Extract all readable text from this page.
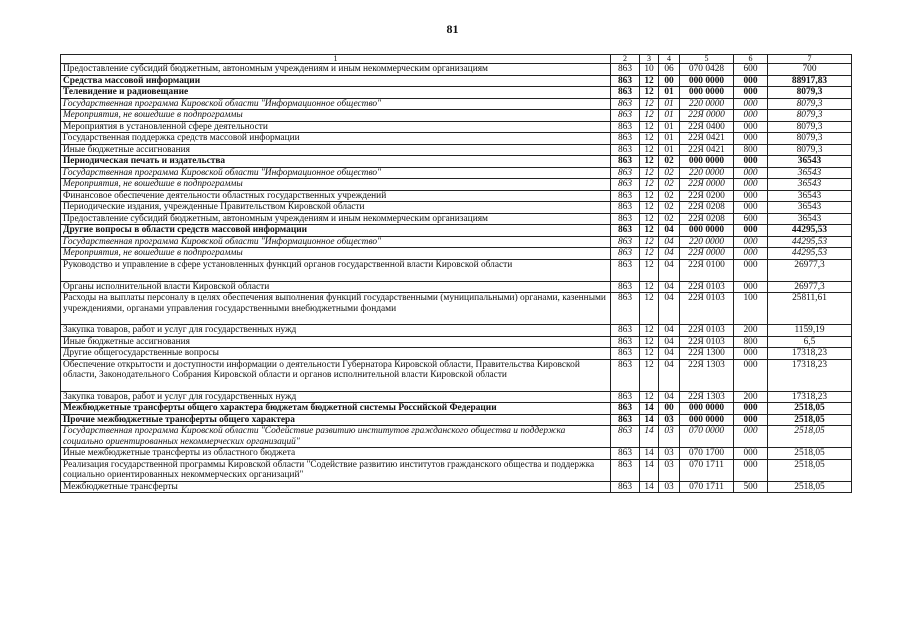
81
1	2	3	4	5	6	7
Предоставление субсидий бюджетным, автономным учреждениям и иным некоммерческим организациям	863	10	06	070 0428	600	700
Средства массовой информации	863	12	00	000 0000	000	88917,83
Телевидение и радиовещание	863	12	01	000 0000	000	8079,3
Государственная программа Кировской области "Информационное общество"	863	12	01	220 0000	000	8079,3
Мероприятия, не вошедшие в подпрограммы	863	12	01	22Я 0000	000	8079,3
Мероприятия в установленной сфере деятельности	863	12	01	22Я 0400	000	8079,3
Государственная поддержка средств массовой информации	863	12	01	22Я 0421	000	8079,3
Иные бюджетные ассигнования	863	12	01	22Я 0421	800	8079,3
Периодическая печать и издательства	863	12	02	000 0000	000	36543
Государственная программа Кировской области "Информационное общество"	863	12	02	220 0000	000	36543
Мероприятия, не вошедшие в подпрограммы	863	12	02	22Я 0000	000	36543
Финансовое обеспечение деятельности областных государственных учреждений	863	12	02	22Я 0200	000	36543
Периодические издания, учрежденные Правительством Кировской области	863	12	02	22Я 0208	000	36543
Предоставление субсидий бюджетным, автономным учреждениям и иным некоммерческим организациям	863	12	02	22Я 0208	600	36543
Другие вопросы в области средств массовой информации	863	12	04	000 0000	000	44295,53
Государственная программа Кировской области "Информационное общество"	863	12	04	220 0000	000	44295,53
Мероприятия, не вошедшие в подпрограммы	863	12	04	22Я 0000	000	44295,53
Руководство и управление в сфере установленных функций органов государственной власти Кировской области	863	12	04	22Я 0100	000	26977,3
Органы исполнительной власти Кировской области	863	12	04	22Я 0103	000	26977,3
Расходы на выплаты персоналу в целях обеспечения выполнения функций государственными (муниципальными) органами, казенными учреждениями, органами управления государственными внебюджетными фондами	863	12	04	22Я 0103	100	25811,61
Закупка товаров, работ и услуг для государственных нужд	863	12	04	22Я 0103	200	1159,19
Иные бюджетные ассигнования	863	12	04	22Я 0103	800	6,5
Другие общегосударственные вопросы	863	12	04	22Я 1300	000	17318,23
Обеспечение открытости и доступности информации о деятельности Губернатора Кировской области, Правительства Кировской области, Законодательного Собрания Кировской области и органов исполнительной власти Кировской области	863	12	04	22Я 1303	000	17318,23
Закупка товаров, работ и услуг для государственных нужд	863	12	04	22Я 1303	200	17318,23
Межбюджетные трансферты общего характера бюджетам бюджетной системы Российской Федерации	863	14	00	000 0000	000	2518,05
Прочие межбюджетные трансферты общего характера	863	14	03	000 0000	000	2518,05
Государственная программа Кировской области "Содействие развитию институтов гражданского общества и поддержка социально ориентированных некоммерческих организаций"	863	14	03	070 0000	000	2518,05
Иные межбюджетные трансферты из областного бюджета	863	14	03	070 1700	000	2518,05
Реализация государственной программы Кировской области "Содействие развитию институтов гражданского общества и поддержка социально ориентированных некоммерческих организаций"	863	14	03	070 1711	000	2518,05
Межбюджетные трансферты	863	14	03	070 1711	500	2518,05
